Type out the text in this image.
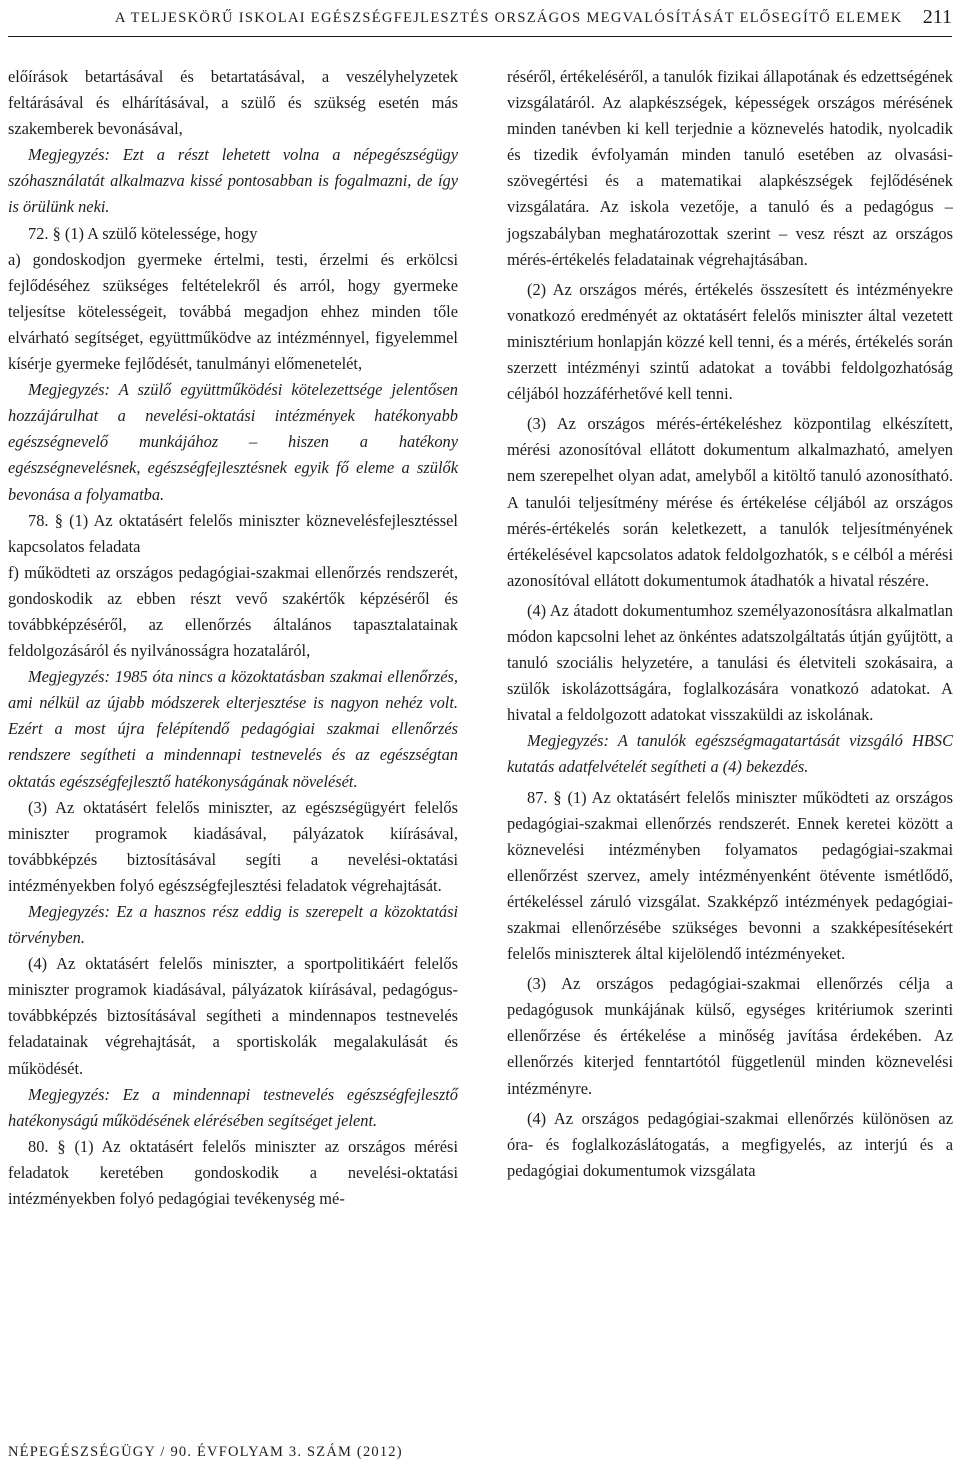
A TELJESKÖRŰ ISKOLAI EGÉSZSÉGFEJLESZTÉS ORSZÁGOS MEGVALÓSÍTÁSÁT ELŐSEGÍTŐ ELEMEK 211

előírások betartásával és betartatásával, a veszélyhelyzetek feltárásával és elhárításával, a szülő és szükség esetén más szakemberek bevonásával,

Megjegyzés: Ezt a részt lehetett volna a népegészségügy szóhasználatát alkalmazva kissé pontosabban is fogalmazni, de így is örülünk neki.

72. § (1) A szülő kötelessége, hogy

a) gondoskodjon gyermeke értelmi, testi, érzelmi és erkölcsi fejlődéséhez szükséges feltételekről és arról, hogy gyermeke teljesítse kötelességeit, továbbá megadjon ehhez minden tőle elvárható segítséget, együttműködve az intézménnyel, figyelemmel kísérje gyermeke fejlődését, tanulmányi előmenetelét,

Megjegyzés: A szülő együttműködési kötelezettsége jelentősen hozzájárulhat a nevelési-oktatási intézmények hatékonyabb egészségnevelő munkájához – hiszen a hatékony egészségnevelésnek, egészségfejlesztésnek egyik fő eleme a szülők bevonása a folyamatba.

78. § (1) Az oktatásért felelős miniszter köznevelésfejlesztéssel kapcsolatos feladata

f) működteti az országos pedagógiai-szakmai ellenőrzés rendszerét, gondoskodik az ebben részt vevő szakértők képzéséről és továbbképzéséről, az ellenőrzés általános tapasztalatainak feldolgozásáról és nyilvánosságra hozataláról,

Megjegyzés: 1985 óta nincs a közoktatásban szakmai ellenőrzés, ami nélkül az újabb módszerek elterjesztése is nagyon nehéz volt. Ezért a most újra felépítendő pedagógiai szakmai ellenőrzés rendszere segítheti a mindennapi testnevelés és az egészségtan oktatás egészségfejlesztő hatékonyságának növelését.

(3) Az oktatásért felelős miniszter, az egészségügyért felelős miniszter programok kiadásával, pályázatok kiírásával, továbbképzés biztosításával segíti a nevelési-oktatási intézményekben folyó egészségfejlesztési feladatok végrehajtását.

Megjegyzés: Ez a hasznos rész eddig is szerepelt a közoktatási törvényben.

(4) Az oktatásért felelős miniszter, a sportpolitikáért felelős miniszter programok kiadásával, pályázatok kiírásával, pedagógus-továbbképzés biztosításával segítheti a mindennapos testnevelés feladatainak végrehajtását, a sportiskolák megalakulását és működését.

Megjegyzés: Ez a mindennapi testnevelés egészségfejlesztő hatékonyságú működésének elérésében segítséget jelent.

80. § (1) Az oktatásért felelős miniszter az országos mérési feladatok keretében gondoskodik a nevelési-oktatási intézményekben folyó pedagógiai tevékenység mé-

réséről, értékeléséről, a tanulók fizikai állapotának és edzettségének vizsgálatáról. Az alapkészségek, képességek országos mérésének minden tanévben ki kell terjednie a köznevelés hatodik, nyolcadik és tizedik évfolyamán minden tanuló esetében az olvasási-szövegértési és a matematikai alapkészségek fejlődésének vizsgálatára. Az iskola vezetője, a tanuló és a pedagógus – jogszabályban meghatározottak szerint – vesz részt az országos mérés-értékelés feladatainak végrehajtásában.

(2) Az országos mérés, értékelés összesített és intézményekre vonatkozó eredményét az oktatásért felelős miniszter által vezetett minisztérium honlapján közzé kell tenni, és a mérés, értékelés során szerzett intézményi szintű adatokat a további feldolgozhatóság céljából hozzáférhetővé kell tenni.

(3) Az országos mérés-értékeléshez központilag elkészített, mérési azonosítóval ellátott dokumentum alkalmazható, amelyen nem szerepelhet olyan adat, amelyből a kitöltő tanuló azonosítható. A tanulói teljesítmény mérése és értékelése céljából az országos mérés-értékelés során keletkezett, a tanulók teljesítményének értékelésével kapcsolatos adatok feldolgozhatók, s e célból a mérési azonosítóval ellátott dokumentumok átadhatók a hivatal részére.

(4) Az átadott dokumentumhoz személyazonosításra alkalmatlan módon kapcsolni lehet az önkéntes adatszolgáltatás útján gyűjtött, a tanuló szociális helyzetére, a tanulási és életviteli szokásaira, a szülők iskolázottságára, foglalkozására vonatkozó adatokat. A hivatal a feldolgozott adatokat visszaküldi az iskolának.

Megjegyzés: A tanulók egészségmagatartását vizsgáló HBSC kutatás adatfelvételét segítheti a (4) bekezdés.

87. § (1) Az oktatásért felelős miniszter működteti az országos pedagógiai-szakmai ellenőrzés rendszerét. Ennek keretei között a köznevelési intézményben folyamatos pedagógiai-szakmai ellenőrzést szervez, amely intézményenként ötévente ismétlődő, értékeléssel záruló vizsgálat. Szakképző intézmények pedagógiai-szakmai ellenőrzésébe szükséges bevonni a szakképesítésekért felelős miniszterek által kijelölendő intézményeket.

(3) Az országos pedagógiai-szakmai ellenőrzés célja a pedagógusok munkájának külső, egységes kritériumok szerinti ellenőrzése és értékelése a minőség javítása érdekében. Az ellenőrzés kiterjed fenntartótól függetlenül minden köznevelési intézményre.

(4) Az országos pedagógiai-szakmai ellenőrzés különösen az óra- és foglalkozáslátogatás, a megfigyelés, az interjú és a pedagógiai dokumentumok vizsgálata

NÉPEGÉSZSÉGÜGY / 90. ÉVFOLYAM 3. SZÁM (2012)
